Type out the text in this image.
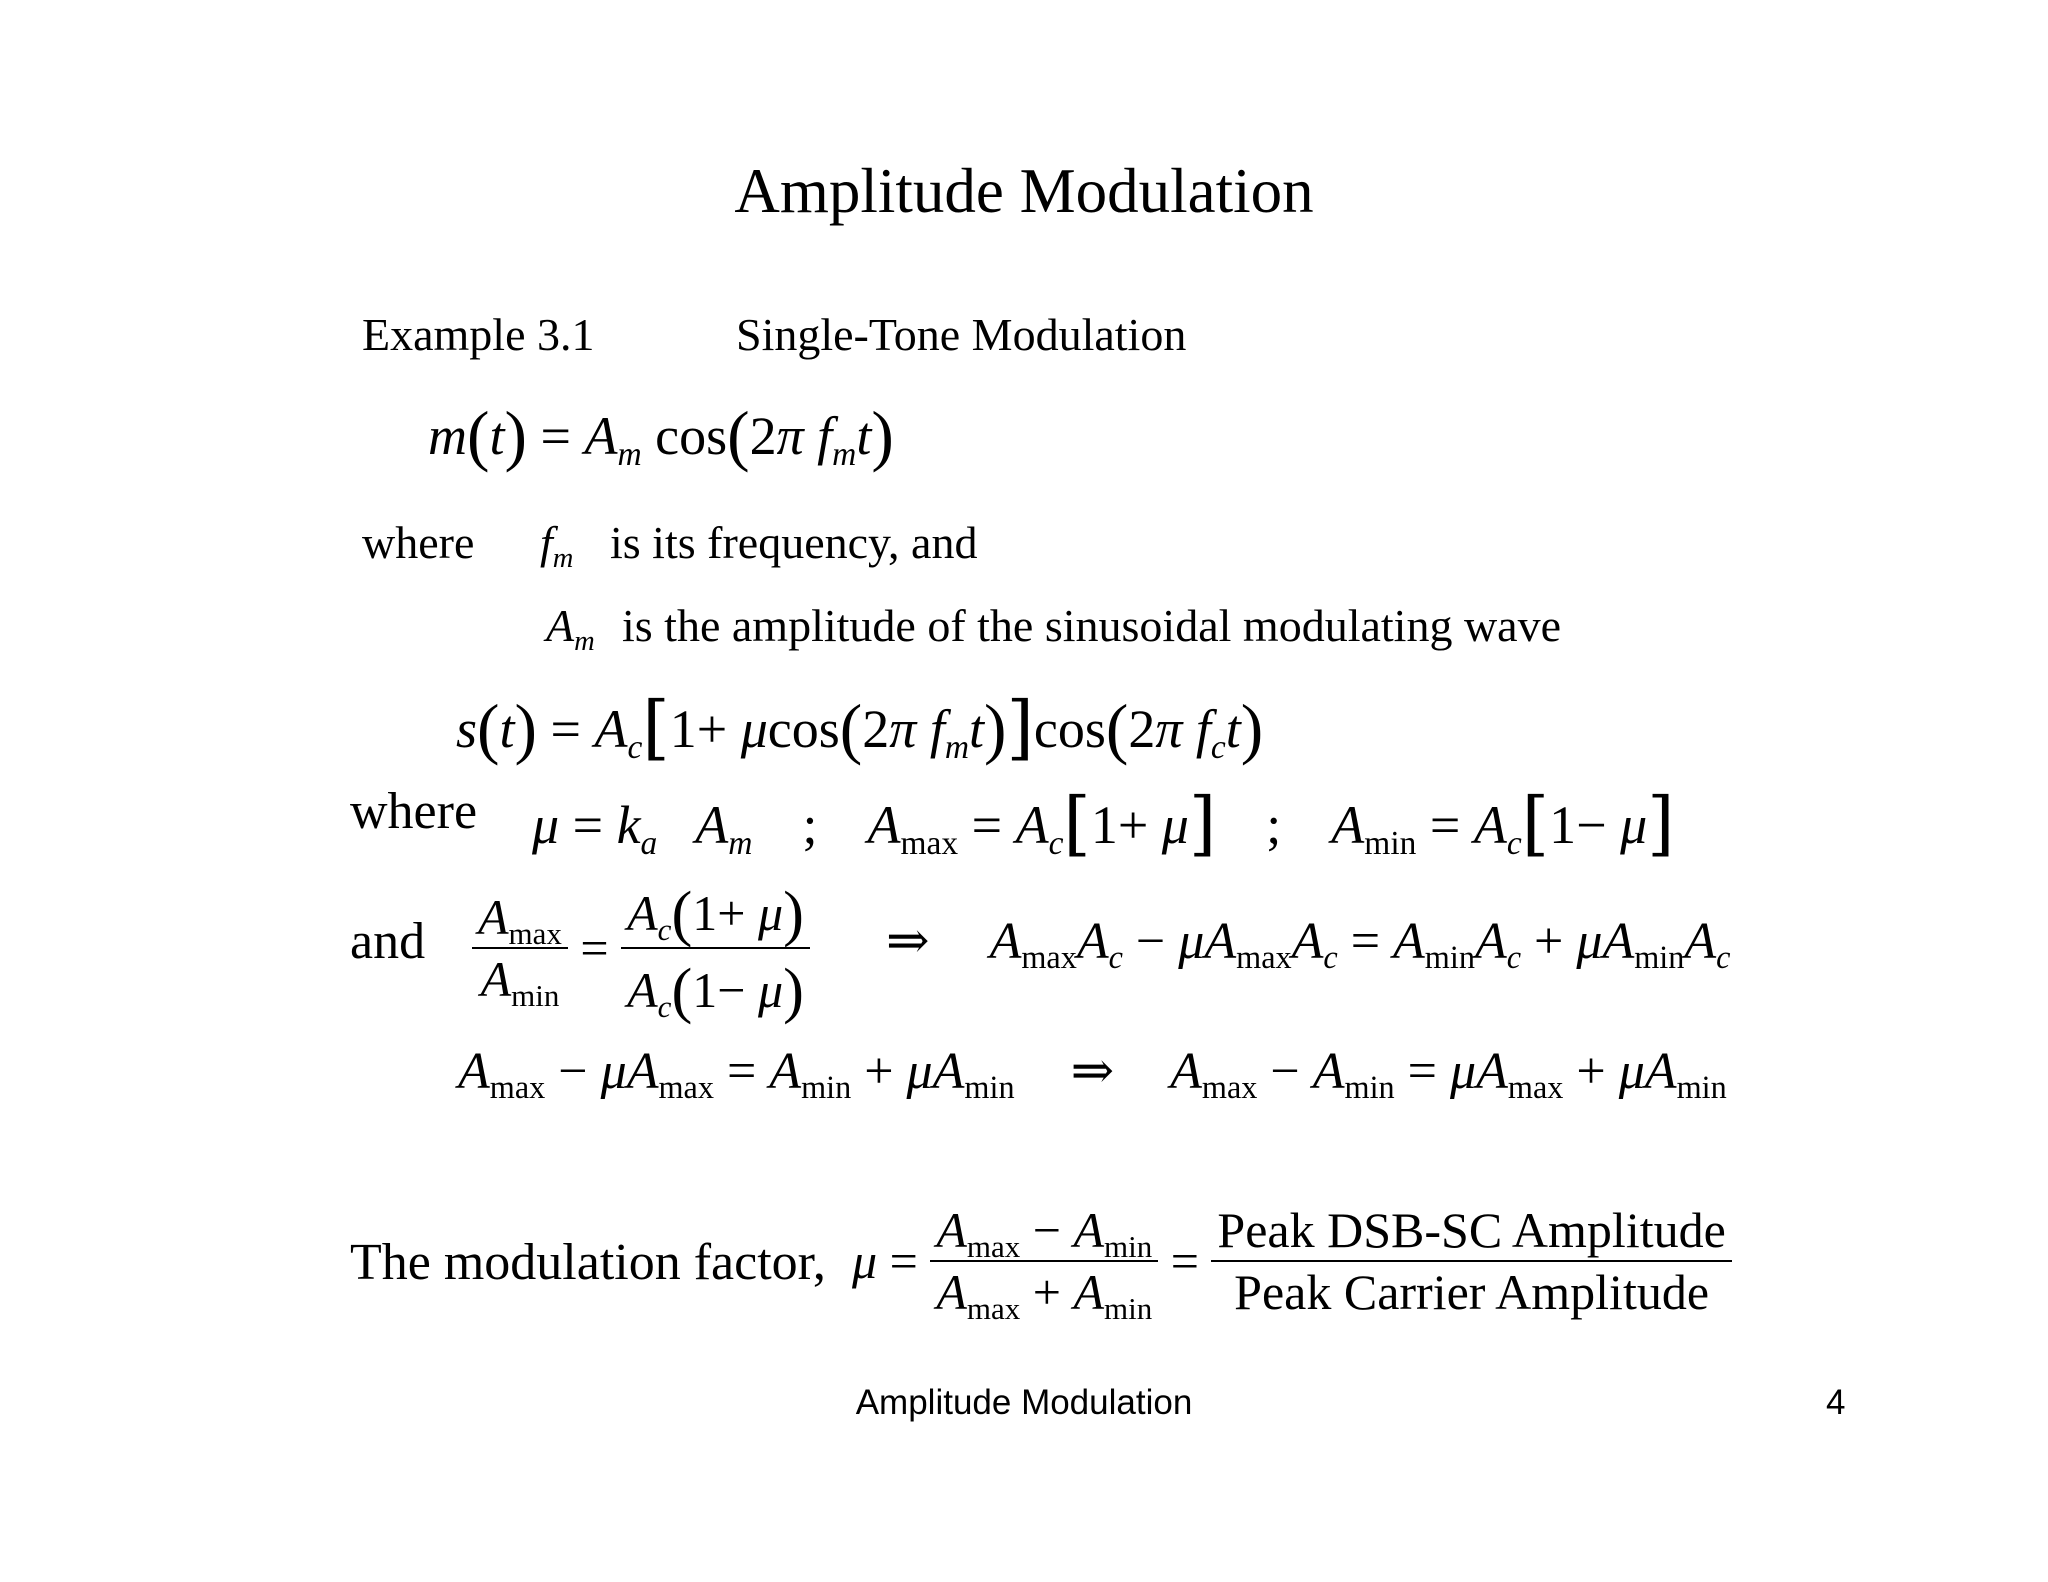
Amplitude Modulation
Example 3.1	Single-Tone Modulation
m(t) = Am cos(2π fmt)
where fm is its frequency, and
Am is the amplitude of the sinusoidal modulating wave
s(t) = Ac[1+ μcos(2π fmt)]cos(2π fct)
where μ = ka Am ; Amax = Ac[1+ μ] ; Amin = Ac[1− μ]
and $\frac{Amax}{Amin} = \frac{Ac(1+ \mu)}{Ac(1- \mu)}$ ⇒ AmaxAc − μAmaxAc = AminAc + μAminAc
Amax − μAmax = Amin + μAmin ⇒ Amax − Amin = μAmax + μAmin
The modulation factor, $\mu = \frac{Amax - Amin}{Amax + Amin} = \frac{\text{Peak DSB-SC Amplitude}}{\text{Peak Carrier Amplitude}}$
Amplitude Modulation	4
